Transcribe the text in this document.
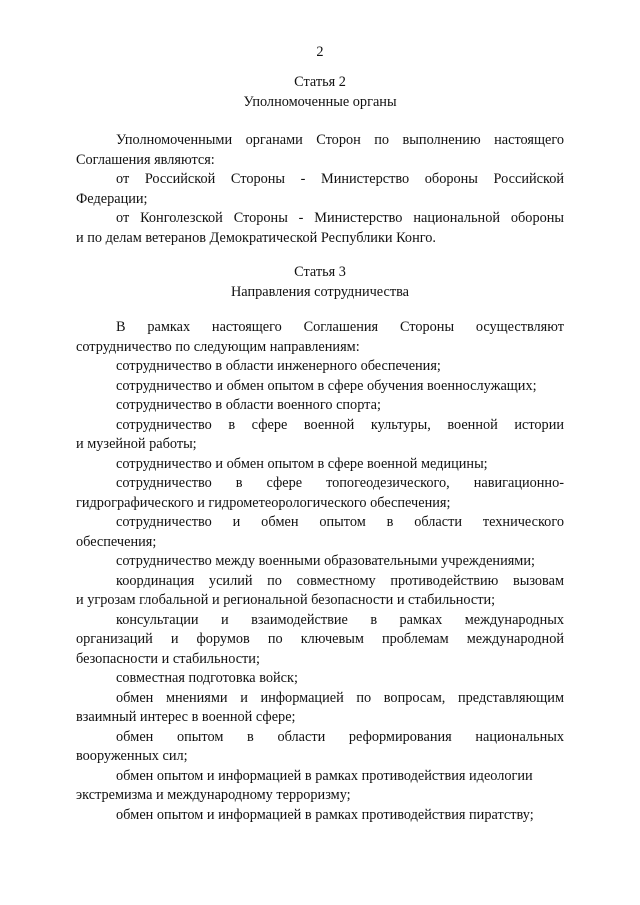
2
Статья 2
Уполномоченные органы

Уполномоченными органами Сторон по выполнению настоящего

Соглашения являются:

от Российской Стороны - Министерство обороны Российской

Федерации;

от Конголезской Стороны - Министерство национальной обороны

и по делам ветеранов Демократической Республики Конго.

Статья 3
Направления сотрудничества

В рамках настоящего Соглашения Стороны осуществляют

сотрудничество по следующим направлениям:

сотрудничество в области инженерного обеспечения;

сотрудничество и обмен опытом в сфере обучения военнослужащих;

сотрудничество в области военного спорта;

сотрудничество в сфере военной культуры, военной истории

и музейной работы;

сотрудничество и обмен опытом в сфере военной медицины;

сотрудничество в сфере топогеодезического, навигационно-

гидрографического и гидрометеорологического обеспечения;

сотрудничество и обмен опытом в области технического

обеспечения;

сотрудничество между военными образовательными учреждениями;

координация усилий по совместному противодействию вызовам

и угрозам глобальной и региональной безопасности и стабильности;

консультации и взаимодействие в рамках международных

организаций и форумов по ключевым проблемам международной

безопасности и стабильности;

совместная подготовка войск;

обмен мнениями и информацией по вопросам, представляющим

взаимный интерес в военной сфере;

обмен опытом в области реформирования национальных

вооруженных сил;

обмен опытом и информацией в рамках противодействия идеологии

экстремизма и международному терроризму;

обмен опытом и информацией в рамках противодействия пиратству;
